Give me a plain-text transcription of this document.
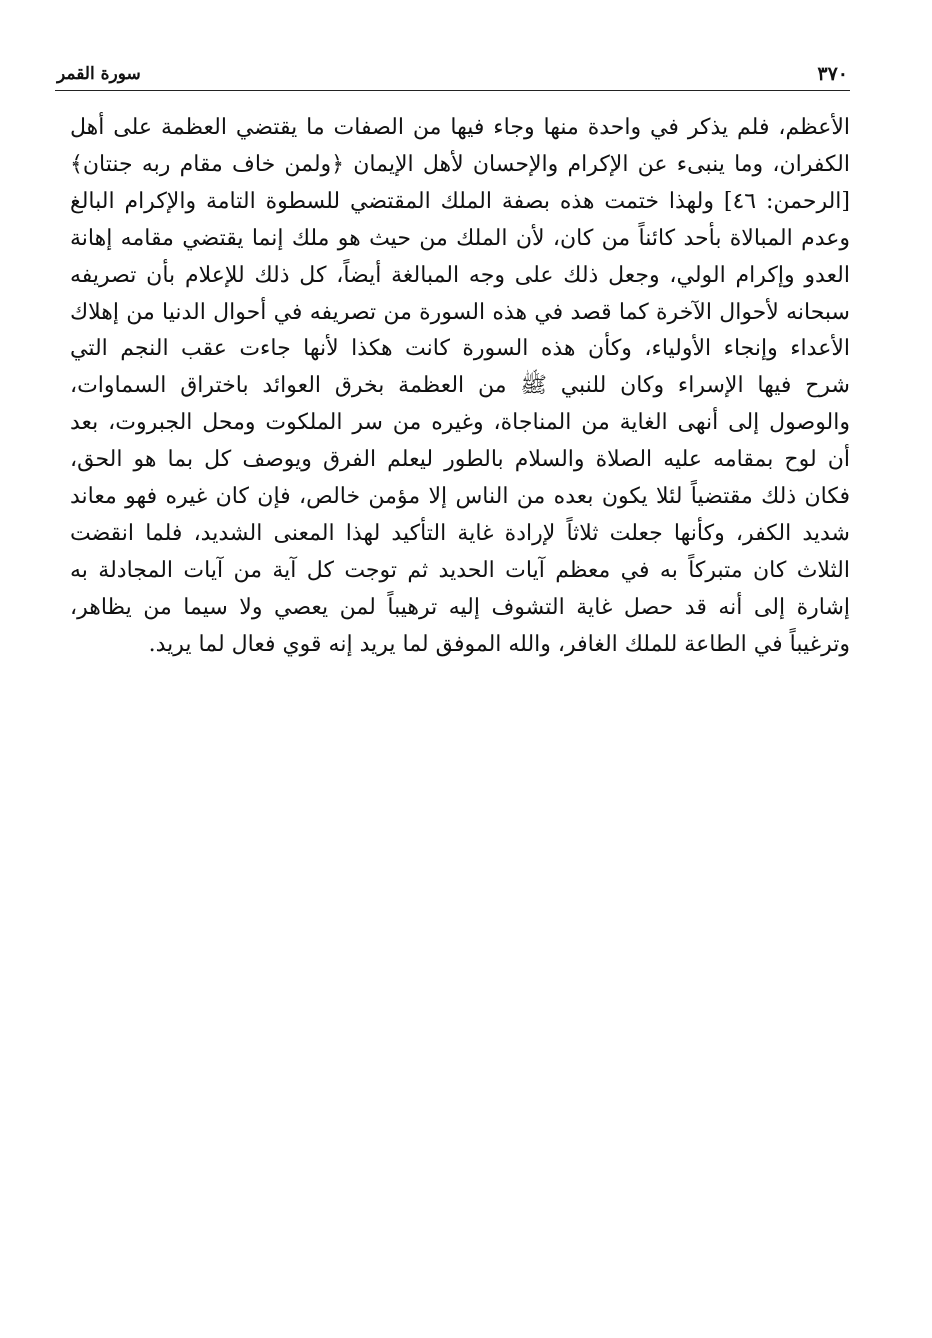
٣٧٠
سورة القمر
الأعظم، فلم يذكر في واحدة منها وجاء فيها من الصفات ما يقتضي العظمة على أهل
الكفران، وما ينبىء عن الإكرام والإحسان لأهل الإيمان ﴿ولمن خاف مقام ربه جنتان﴾
[الرحمن: ٤٦] ولهذا ختمت هذه بصفة الملك المقتضي للسطوة التامة والإكرام البالغ
وعدم المبالاة بأحد كائناً من كان، لأن الملك من حيث هو ملك إنما يقتضي مقامه إهانة
العدو وإكرام الولي، وجعل ذلك على وجه المبالغة أيضاً، كل ذلك للإعلام بأن تصريفه
سبحانه لأحوال الآخرة كما قصد في هذه السورة من تصريفه في أحوال الدنيا من إهلاك
الأعداء وإنجاء الأولياء، وكأن هذه السورة كانت هكذا لأنها جاءت عقب النجم التي
شرح فيها الإسراء وكان للنبي ﷺ من العظمة بخرق العوائد باختراق السماوات،
والوصول إلى أنهى الغاية من المناجاة، وغيره من سر الملكوت ومحل الجبروت، بعد
أن لوح بمقامه عليه الصلاة والسلام بالطور ليعلم الفرق ويوصف كل بما هو الحق،
فكان ذلك مقتضياً لئلا يكون بعده من الناس إلا مؤمن خالص، فإن كان غيره فهو معاند
شديد الكفر، وكأنها جعلت ثلاثاً لإرادة غاية التأكيد لهذا المعنى الشديد، فلما انقضت
الثلاث كان متبركاً به في معظم آيات الحديد ثم توجت كل آية من آيات المجادلة به
إشارة إلى أنه قد حصل غاية التشوف إليه ترهيباً لمن يعصي ولا سيما من يظاهر،
وترغيباً في الطاعة للملك الغافر، والله الموفق لما يريد إنه قوي فعال لما يريد.
